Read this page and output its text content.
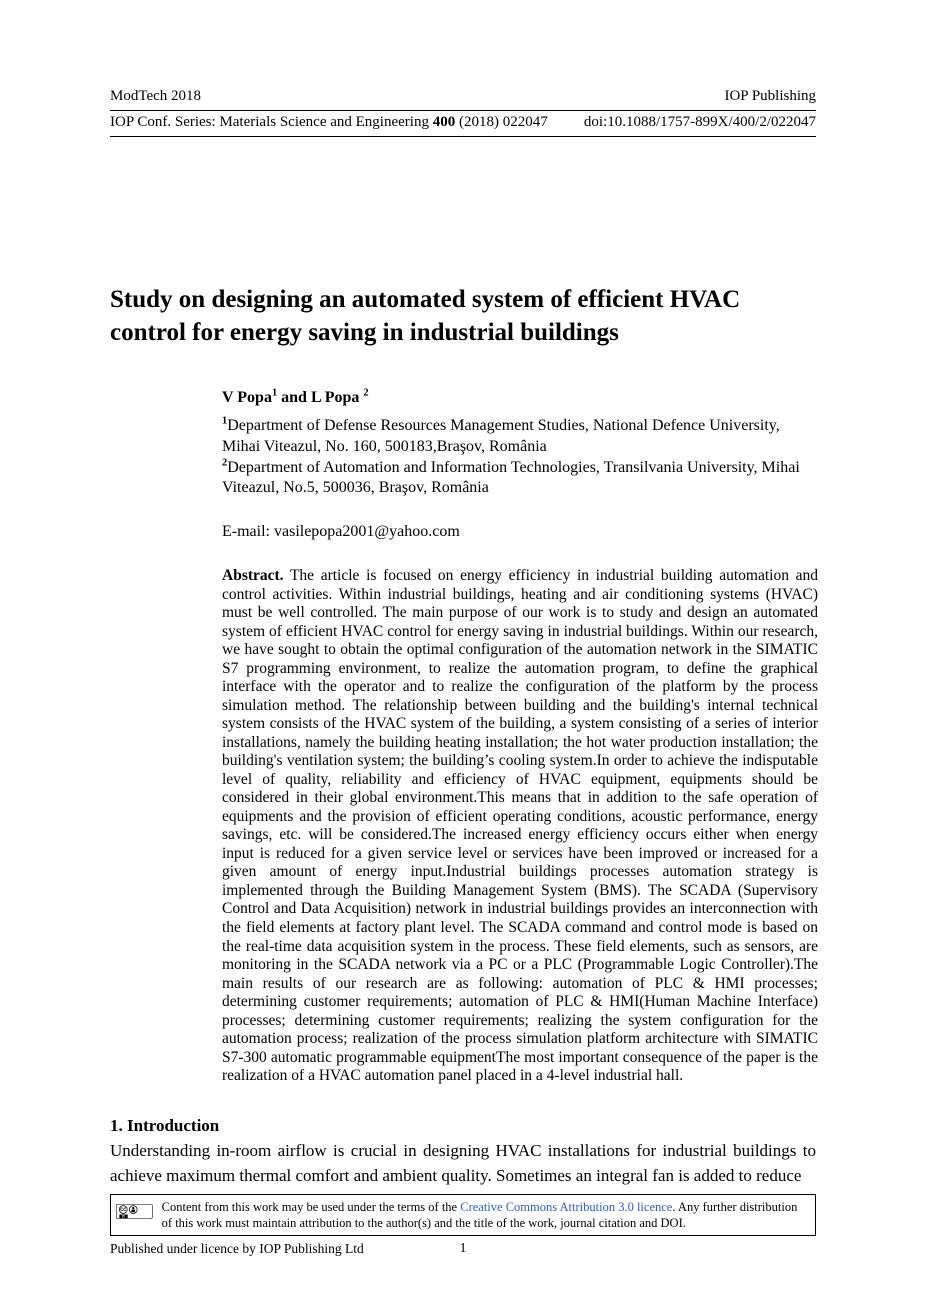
ModTech 2018	IOP Publishing
IOP Conf. Series: Materials Science and Engineering 400 (2018) 022047 doi:10.1088/1757-899X/400/2/022047
Study on designing an automated system of efficient HVAC control for energy saving in industrial buildings

V Popa$^1$ and L Popa $^2$

$^1$Department of Defense Resources Management Studies, National Defence University, Mihai Viteazul, No. 160, 500183,Braşov, România

$^2$Department of Automation and Information Technologies, Transilvania University, Mihai Viteazul, No.5, 500036, Braşov, România

E-mail: vasilepopa2001@yahoo.com

Abstract. The article is focused on energy efficiency in industrial building automation and control activities. Within industrial buildings, heating and air conditioning systems (HVAC) must be well controlled. The main purpose of our work is to study and design an automated system of efficient HVAC control for energy saving in industrial buildings. Within our research, we have sought to obtain the optimal configuration of the automation network in the SIMATIC S7 programming environment, to realize the automation program, to define the graphical interface with the operator and to realize the configuration of the platform by the process simulation method. The relationship between building and the building's internal technical system consists of the HVAC system of the building, a system consisting of a series of interior installations, namely the building heating installation; the hot water production installation; the building's ventilation system; the building’s cooling system.In order to achieve the indisputable level of quality, reliability and efficiency of HVAC equipment, equipments should be considered in their global environment.This means that in addition to the safe operation of equipments and the provision of efficient operating conditions, acoustic performance, energy savings, etc. will be considered.The increased energy efficiency occurs either when energy input is reduced for a given service level or services have been improved or increased for a given amount of energy input.Industrial buildings processes automation strategy is implemented through the Building Management System (BMS). The SCADA (Supervisory Control and Data Acquisition) network in industrial buildings provides an interconnection with the field elements at factory plant level. The SCADA command and control mode is based on the real-time data acquisition system in the process. These field elements, such as sensors, are monitoring in the SCADA network via a PC or a PLC (Programmable Logic Controller).The main results of our research are as following: automation of PLC & HMI processes; determining customer requirements; automation of PLC & HMI(Human Machine Interface) processes; determining customer requirements; realizing the system configuration for the automation process; realization of the process simulation platform architecture with SIMATIC S7-300 automatic programmable equipmentThe most important consequence of the paper is the realization of a HVAC automation panel placed in a 4-level industrial hall.
1. Introduction

Understanding in-room airflow is crucial in designing HVAC installations for industrial buildings to achieve maximum thermal comfort and ambient quality. Sometimes an integral fan is added to reduce

CC
BY

Content from this work may be used under the terms of the Creative Commons Attribution 3.0 licence. Any further distribution of this work must maintain attribution to the author(s) and the title of the work, journal citation and DOI.

Published under licence by IOP Publishing Ltd	1
